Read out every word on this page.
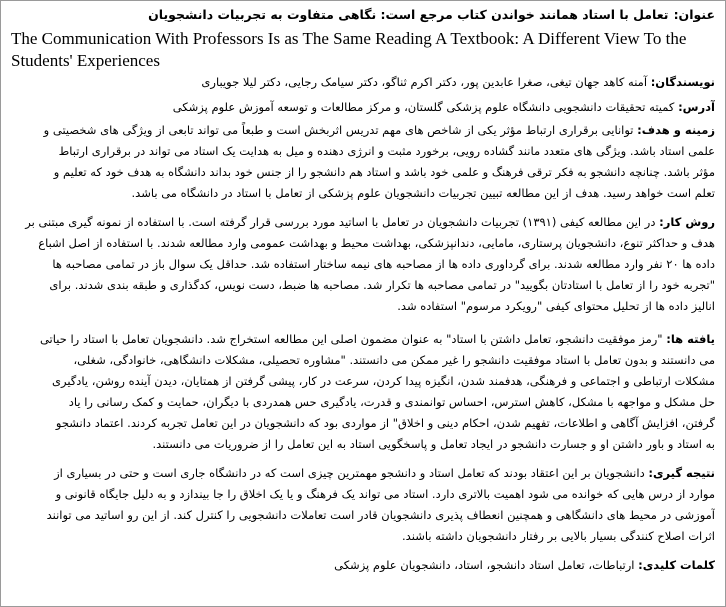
عنوان: تعامل با استاد همانند خواندن کتاب مرجع است: نگاهی متفاوت به تجربیات دانشجویان
The Communication With Professors Is as The Same Reading A Textbook: A Different View To the
Students' Experiences
نویسندگان: آمنه کاهد جهان تیغی، صغرا عابدین پور، دکتر اکرم ثناگو، دکتر سیامک رجایی، دکتر لیلا جویباری
آدرس: کمیته تحقیقات دانشجویی دانشگاه علوم پزشکی گلستان، و مرکز مطالعات و توسعه آموزش علوم پزشکی
زمینه و هدف: توانایی برقراری ارتباط مؤثر یکی از شاخص های مهم تدریس اثربخش است و طبعاً می تواند تابعی از ویژگی های شخصیتی و
علمی استاد باشد. ویژگی های متعدد مانند گشاده رویی، برخورد مثبت و انرژی دهنده و میل به هدایت یک استاد می تواند در برقراری ارتباط
مؤثر باشد. چنانچه دانشجو به فکر ترقی فرهنگ و علمی خود باشد و استاد هم دانشجو را از جنس خود بداند دانشگاه به هدف خود که تعلیم و
تعلم است خواهد رسید. هدف از این مطالعه تبیین تجربیات دانشجویان علوم پزشکی از تعامل با استاد در دانشگاه می باشد.
روش کار: در این مطالعه کیفی (۱۳۹۱) تجربیات دانشجویان در تعامل با اساتید مورد بررسی قرار گرفته است. با استفاده از نمونه گیری مبتنی بر
هدف و حداکثر تنوع، دانشجویان پرستاری، مامایی، دندانپزشکی، بهداشت محیط و بهداشت عمومی وارد مطالعه شدند. با استفاده از اصل اشباع
داده ها ۲۰ نفر وارد مطالعه شدند. برای گرداوری داده ها از مصاحبه های نیمه ساختار استفاده شد. حداقل یک سوال باز در تمامی مصاحبه ها
"تجربه خود را از تعامل با استادتان بگویید" در تمامی مصاحبه ها تکرار شد. مصاحبه ها ضبط، دست نویس، کدگذاری و طبقه بندی شدند. برای
انالیز داده ها از تحلیل محتوای کیفی "رویکرد مرسوم" استفاده شد.
یافته ها: "رمز موفقیت دانشجو، تعامل داشتن با استاد" به عنوان مضمون اصلی این مطالعه استخراج شد. دانشجویان تعامل با استاد را حیاتی
می دانستند و بدون تعامل با استاد موفقیت دانشجو را غیر ممکن می دانستند. "مشاوره تحصیلی، مشکلات دانشگاهی، خانوادگی، شغلی،
مشکلات ارتباطی و اجتماعی و فرهنگی، هدفمند شدن، انگیزه پیدا کردن، سرعت در کار، پیشی گرفتن از همتایان، دیدن آینده روشن، یادگیری
حل مشکل و مواجهه با مشکل، کاهش استرس، احساس توانمندی و قدرت، یادگیری حس همدردی با دیگران، حمایت و کمک رسانی را یاد
گرفتن، افزایش آگاهی و اطلاعات، تفهیم شدن، احکام دینی و اخلاق" از مواردی بود که دانشجویان در این تعامل تجربه کردند. اعتماد دانشجو
به استاد و باور داشتن او و جسارت دانشجو در ایجاد تعامل و پاسخگویی استاد به این تعامل را از ضروریات می دانستند.
نتیجه گیری: دانشجویان بر این اعتقاد بودند که تعامل استاد و دانشجو مهمترین چیزی است که در دانشگاه جاری است و حتی در بسیاری از
موارد از درس هایی که خوانده می شود اهمیت بالاتری دارد. استاد می تواند یک فرهنگ و یا یک اخلاق را جا بیندازد و به دلیل جایگاه قانونی و
آموزشی در محیط های دانشگاهی و همچنین انعطاف پذیری دانشجویان قادر است تعاملات دانشجویی را کنترل کند. از این رو اساتید می توانند
اثرات اصلاح کنندگی بسیار بالایی بر رفتار دانشجویان داشته باشند.
کلمات کلیدی: ارتباطات، تعامل استاد دانشجو، استاد، دانشجویان علوم پزشکی
